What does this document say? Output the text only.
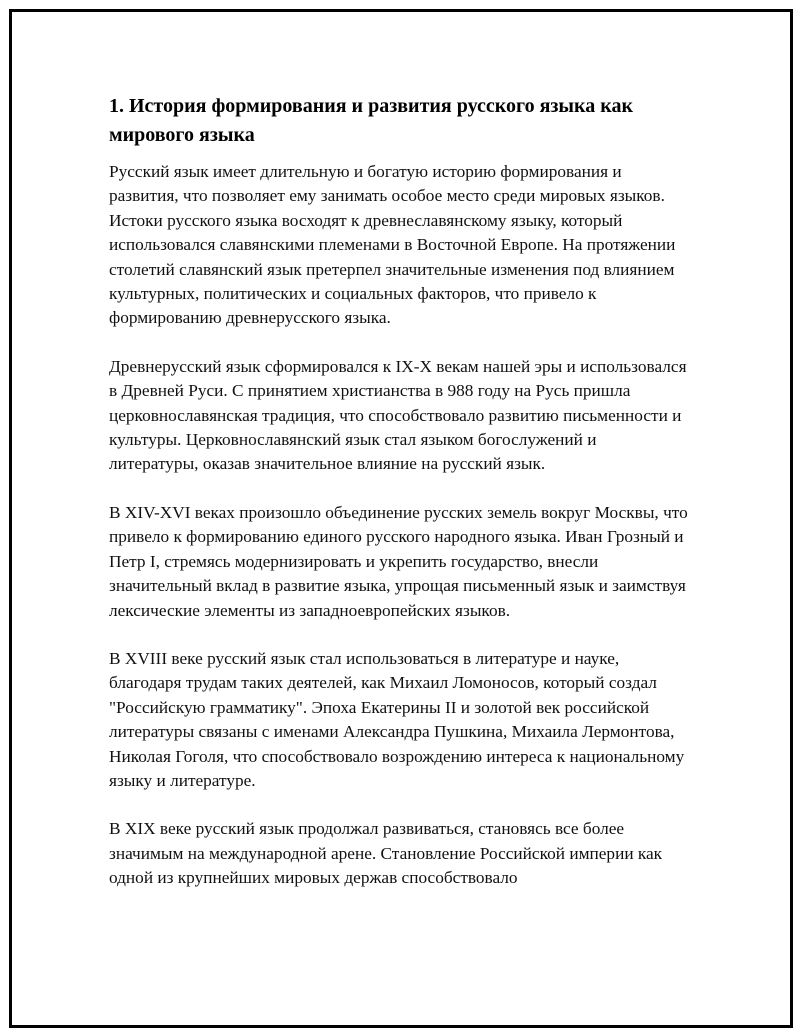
1. История формирования и развития русского языка как мирового языка

Русский язык имеет длительную и богатую историю формирования и развития, что позволяет ему занимать особое место среди мировых языков. Истоки русского языка восходят к древнеславянскому языку, который использовался славянскими племенами в Восточной Европе. На протяжении столетий славянский язык претерпел значительные изменения под влиянием культурных, политических и социальных факторов, что привело к формированию древнерусского языка.

Древнерусский язык сформировался к IX-X векам нашей эры и использовался в Древней Руси. С принятием христианства в 988 году на Русь пришла церковнославянская традиция, что способствовало развитию письменности и культуры. Церковнославянский язык стал языком богослужений и литературы, оказав значительное влияние на русский язык.

В XIV-XVI веках произошло объединение русских земель вокруг Москвы, что привело к формированию единого русского народного языка. Иван Грозный и Петр I, стремясь модернизировать и укрепить государство, внесли значительный вклад в развитие языка, упрощая письменный язык и заимствуя лексические элементы из западноевропейских языков.

В XVIII веке русский язык стал использоваться в литературе и науке, благодаря трудам таких деятелей, как Михаил Ломоносов, который создал "Российскую грамматику". Эпоха Екатерины II и золотой век российской литературы связаны с именами Александра Пушкина, Михаила Лермонтова, Николая Гоголя, что способствовало возрождению интереса к национальному языку и литературе.

В XIX веке русский язык продолжал развиваться, становясь все более значимым на международной арене. Становление Российской империи как одной из крупнейших мировых держав способствовало
